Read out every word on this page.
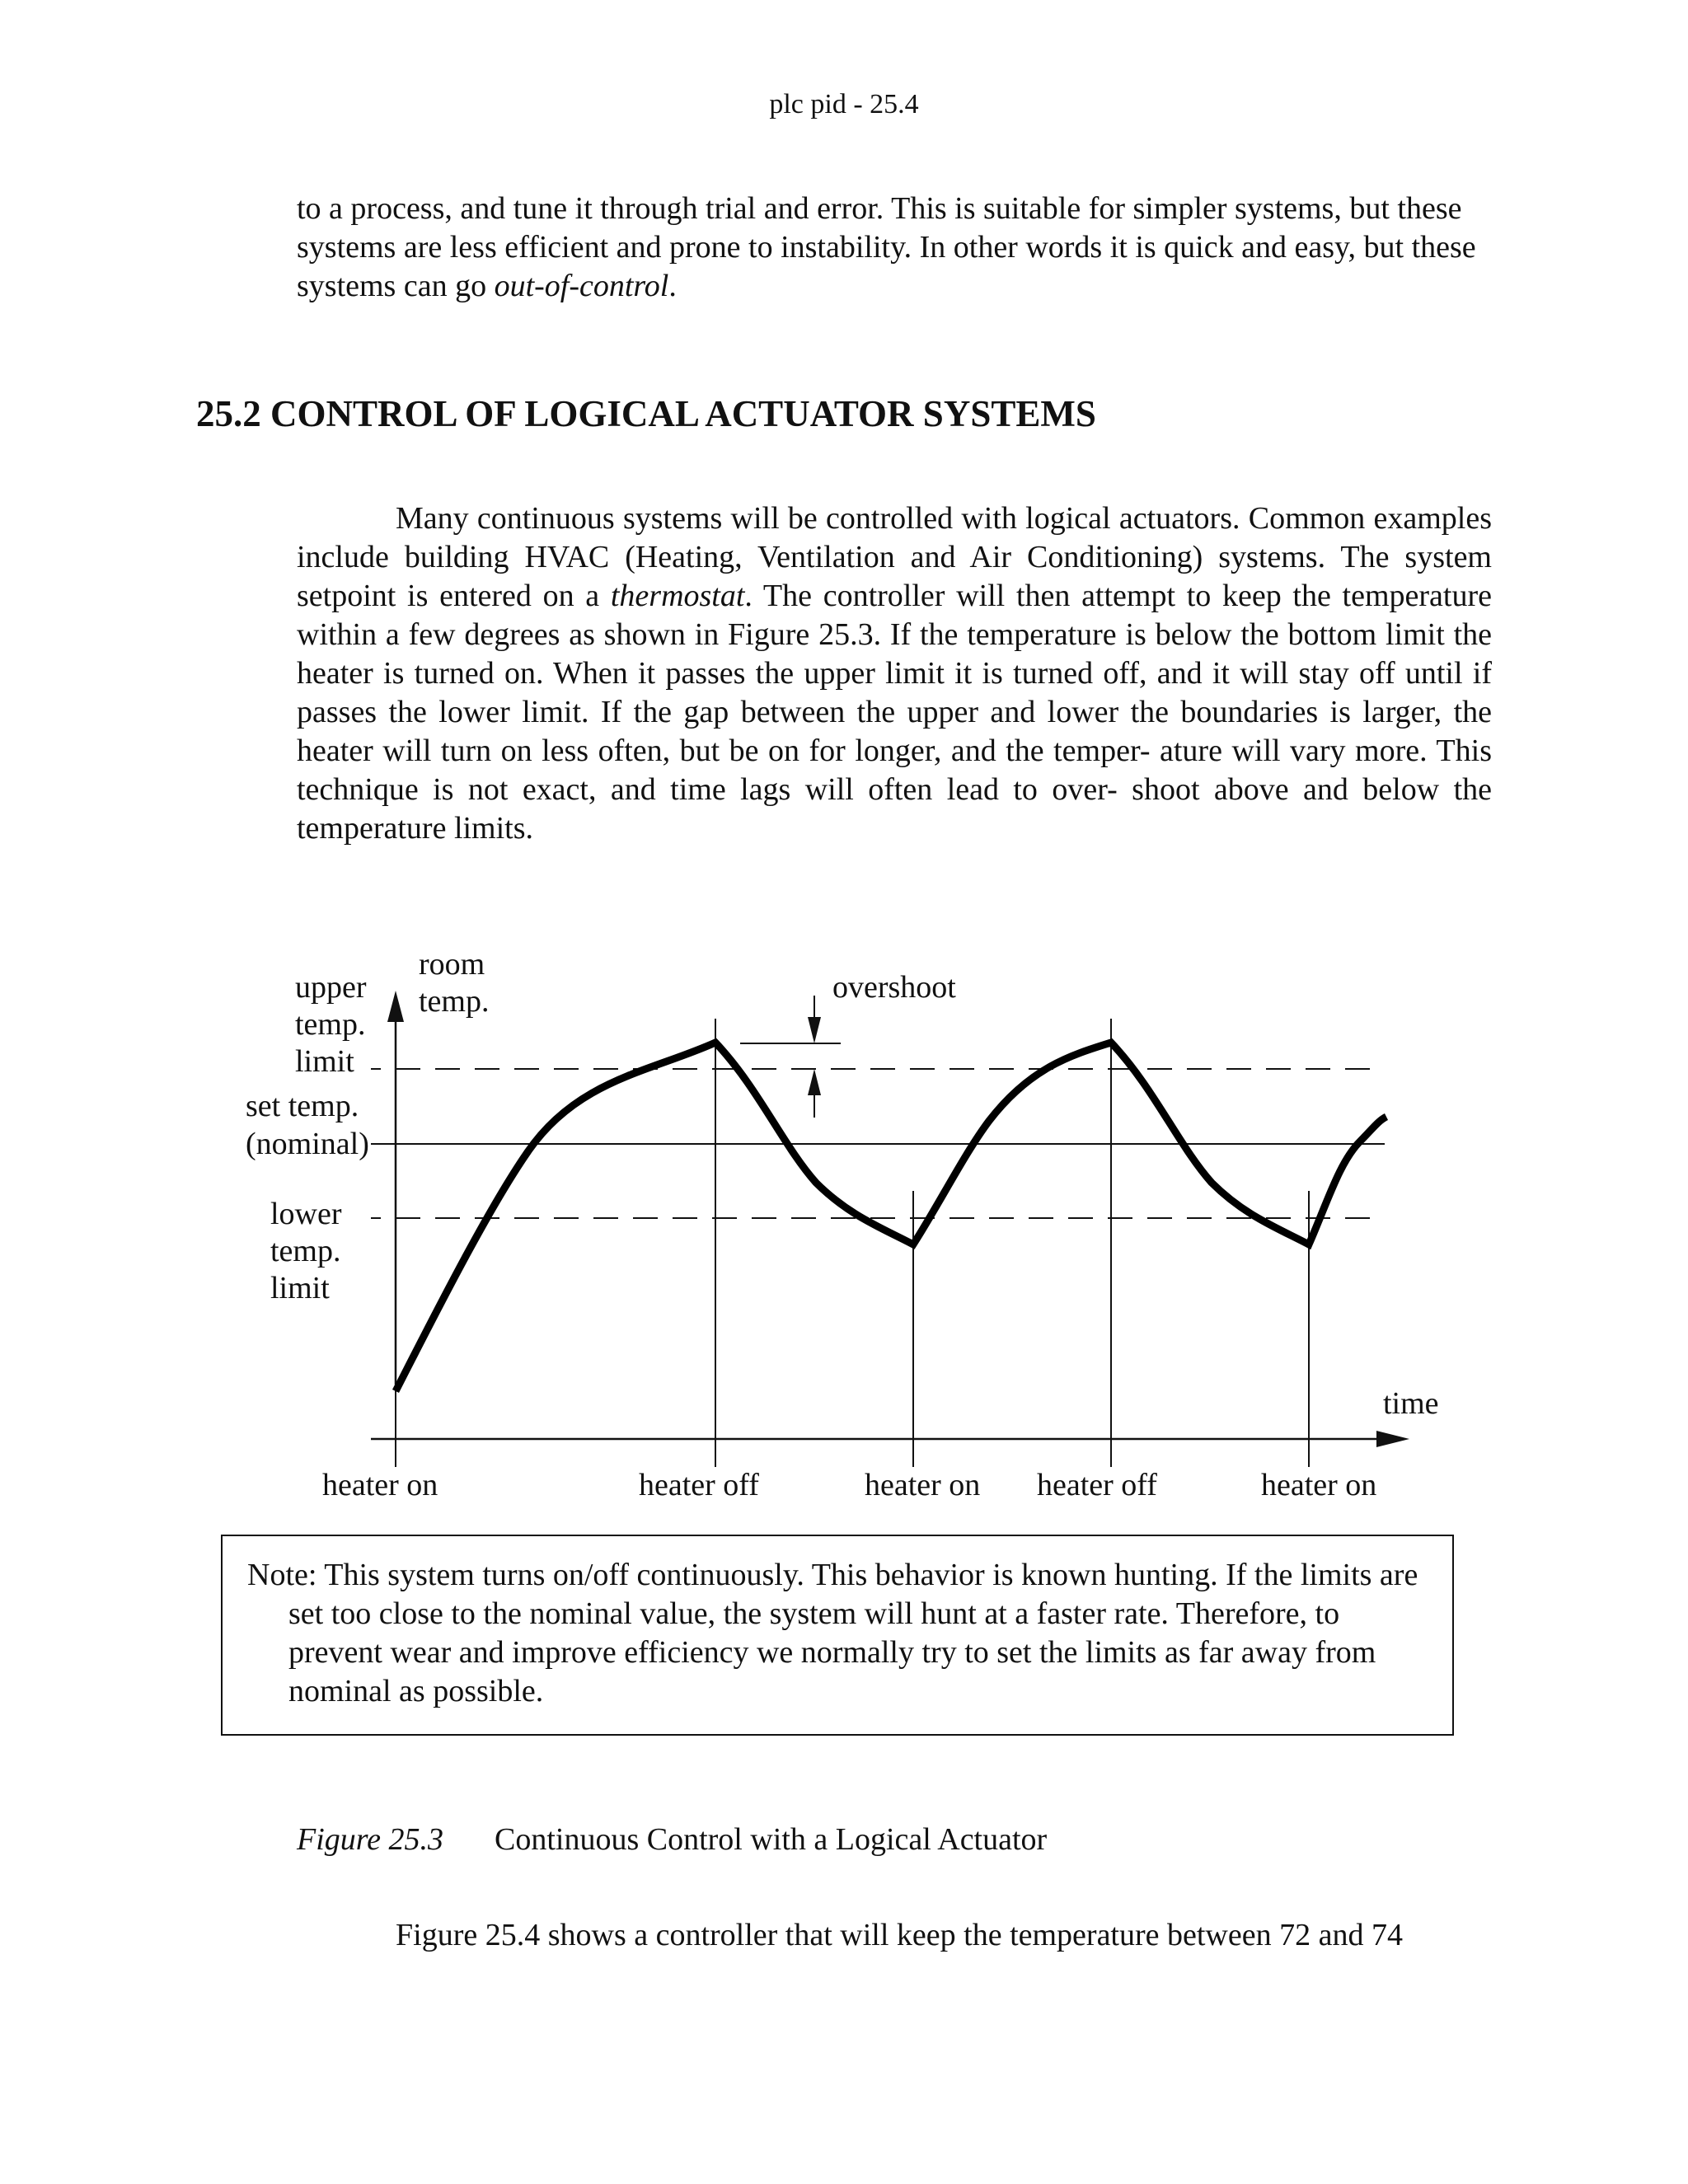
plc pid - 25.4

to a process, and tune it through trial and error. This is suitable for simpler systems, but these systems are less efficient and prone to instability. In other words it is quick and easy, but these systems can go out-of-control.

25.2 CONTROL OF LOGICAL ACTUATOR SYSTEMS

Many continuous systems will be controlled with logical actuators. Common examples include building HVAC (Heating, Ventilation and Air Conditioning) systems. The system setpoint is entered on a thermostat. The controller will then attempt to keep the temperature within a few degrees as shown in Figure 25.3. If the temperature is below the bottom limit the heater is turned on. When it passes the upper limit it is turned off, and it will stay off until if passes the lower limit. If the gap between the upper and lower the boundaries is larger, the heater will turn on less often, but be on for longer, and the temper- ature will vary more. This technique is not exact, and time lags will often lead to over- shoot above and below the temperature limits.

room
temp.
time
upper
temp.
limit
set temp.
(nominal)
lower
temp.
limit
overshoot
heater on	heater off	heater on heater off	heater on

Note: This system turns on/off continuously. This behavior is known hunting. If the limits are set too close to the nominal value, the system will hunt at a faster rate. Therefore, to prevent wear and improve efficiency we normally try to set the limits as far away from nominal as possible.

Figure 25.3 Continuous Control with a Logical Actuator
Figure 25.4 shows a controller that will keep the temperature between 72 and 74
